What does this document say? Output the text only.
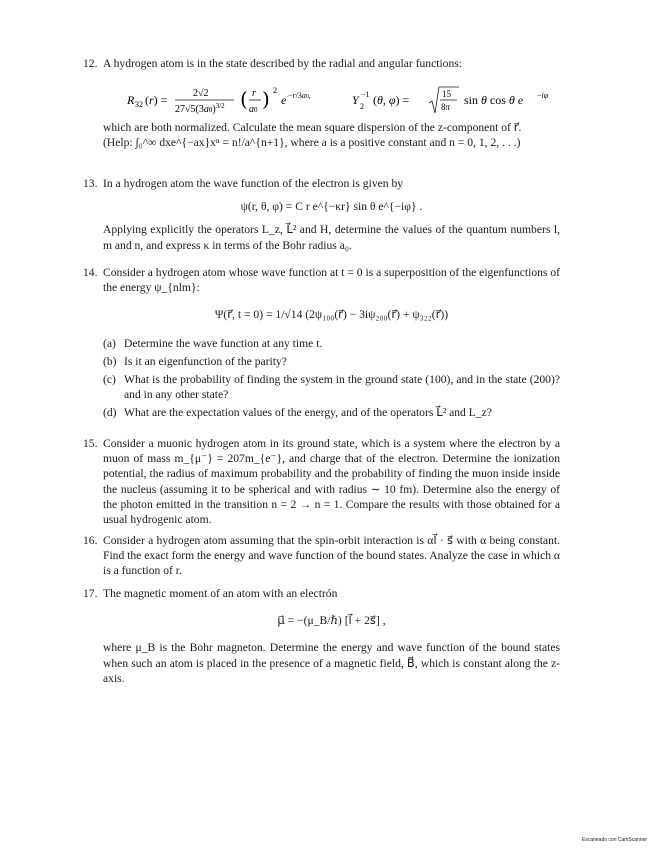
12. A hydrogen atom is in the state described by the radial and angular functions:
R 32 (r) =	2√2
$27√5(3a0)^{3/2}$ ( r
a0 ) 2
e −r/3a0,	Y −1
2 (θ, φ) =	15
8π sin θ cos θ e −iφ
which are both normalized. Calculate the mean square dispersion of the z-component of r⃗.
(Help: ∫₀^∞ dxe^{−ax}xⁿ = n!/a^{n+1}, where a is a positive constant and n = 0, 1, 2, . . .)
13. In a hydrogen atom the wave function of the electron is given by
ψ(r, θ, φ) = C r e^{−κr} sin θ e^{−iφ} .
Applying explicitly the operators L_z, L⃗² and H, determine the values of the quantum numbers l, m and n, and express κ in terms of the Bohr radius a₀.
14. Consider a hydrogen atom whose wave function at t = 0 is a superposition of the eigenfunctions of the energy ψ_{nlm}:
Ψ(r⃗, t = 0) = 1/√14 (2ψ₁₀₀(r⃗) − 3iψ₂₀₀(r⃗) + ψ₃₂₂(r⃗))
(a) Determine the wave function at any time t.
(b) Is it an eigenfunction of the parity?
(c) What is the probability of finding the system in the ground state (100), and in the state (200)? and in any other state?
(d) What are the expectation values of the energy, and of the operators L⃗² and L_z?
15. Consider a muonic hydrogen atom in its ground state, which is a system where the electron by a muon of mass m_{μ⁻} = 207m_{e⁻}, and charge that of the electron. Determine the ionization potential, the radius of maximum probability and the probability of finding the muon inside inside the nucleus (assuming it to be spherical and with radius ∼ 10 fm). Determine also the energy of the photon emitted in the transition n = 2 → n = 1. Compare the results with those obtained for a usual hydrogenic atom.
16. Consider a hydrogen atom assuming that the spin-orbit interaction is αl⃗ · s⃗ with α being constant. Find the exact form the energy and wave function of the bound states. Analyze the case in which α is a function of r.
17. The magnetic moment of an atom with an electrón
μ⃗ = −(μ_B/ℏ) [l⃗ + 2s⃗] ,
where μ_B is the Bohr magneton. Determine the energy and wave function of the bound states when such an atom is placed in the presence of a magnetic field, B⃗, which is constant along the z-axis.
Escaneado con CamScanner
